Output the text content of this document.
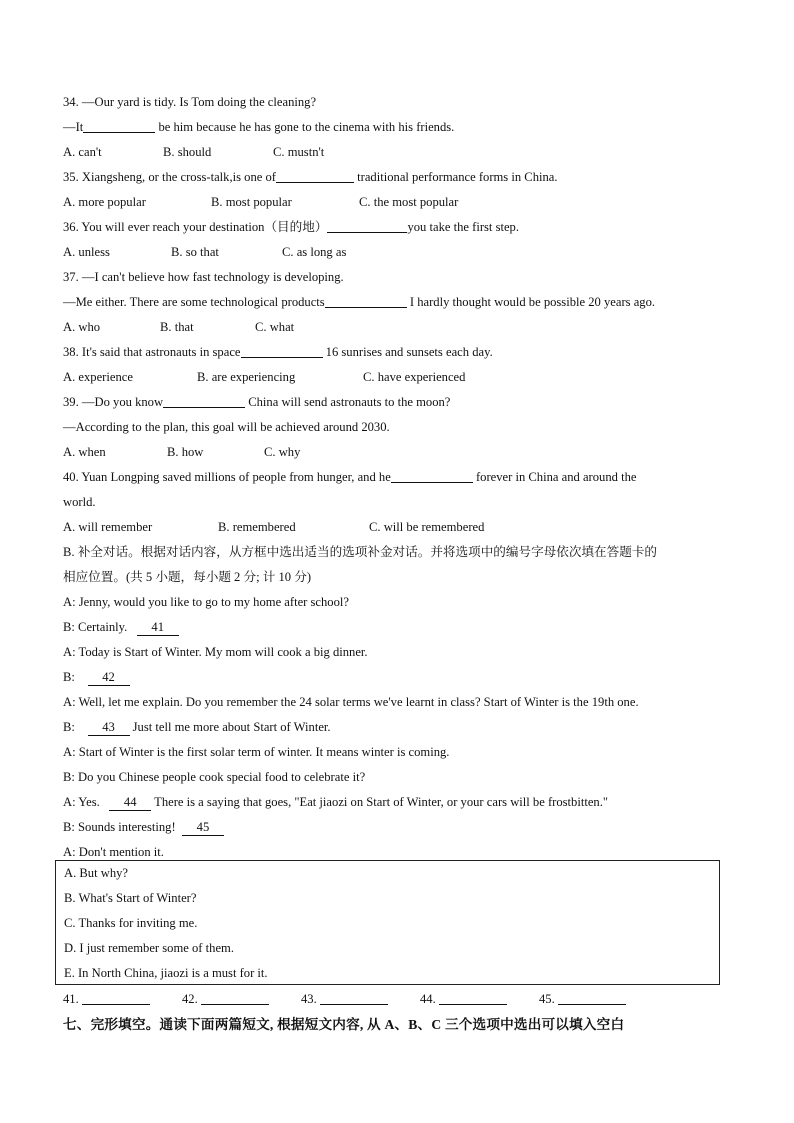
34. —Our yard is tidy. Is Tom doing the cleaning?
—It	be him because he has gone to the cinema with his friends.
A. can't	B. should	C. mustn't
35. Xiangsheng, or the cross-talk,is one of	traditional performance forms in China.
A. more popular	B. most popular	C. the most popular
36. You will ever reach your destination（目的地）	you take the first step.
A. unless	B. so that	C. as long as
37. —I can't believe how fast technology is developing.
—Me either. There are some technological products	I hardly thought would be possible 20 years ago.
A. who	B. that	C. what
38. It's said that astronauts in space	16 sunrises and sunsets each day.
A. experience	B. are experiencing	C. have experienced
39. —Do you know	China will send astronauts to the moon?
—According to the plan, this goal will be achieved around 2030.
A. when	B. how	C. why
40. Yuan Longping saved millions of people from hunger, and he	forever in China and around the
world.
A. will remember	B. remembered	C. will be remembered
B. 补全对话。根据对话内容，从方框中选出适当的选项补金对话。并将选项中的编号字母依次填在答题卡的
相应位置。(共 5 小题，每小题 2 分; 计 10 分)
A: Jenny, would you like to go to my home after school?
B: Certainly. 41
A: Today is Start of Winter. My mom will cook a big dinner.
B: 42
A: Well, let me explain. Do you remember the 24 solar terms we've learnt in class? Start of Winter is the 19th one.
B: 43 Just tell me more about Start of Winter.
A: Start of Winter is the first solar term of winter. It means winter is coming.
B: Do you Chinese people cook special food to celebrate it?
A: Yes. 44 There is a saying that goes, "Eat jiaozi on Start of Winter, or your cars will be frostbitten."
B: Sounds interesting! 45
A: Don't mention it.
A. But why?
B. What's Start of Winter?
C. Thanks for inviting me.
D. I just remember some of them.
E. In North China, jiaozi is a must for it.
41.	42.	43.	44.	45.
七、完形填空。通读下面两篇短文, 根据短文内容, 从 A、B、C 三个选项中选出可以填入空白
